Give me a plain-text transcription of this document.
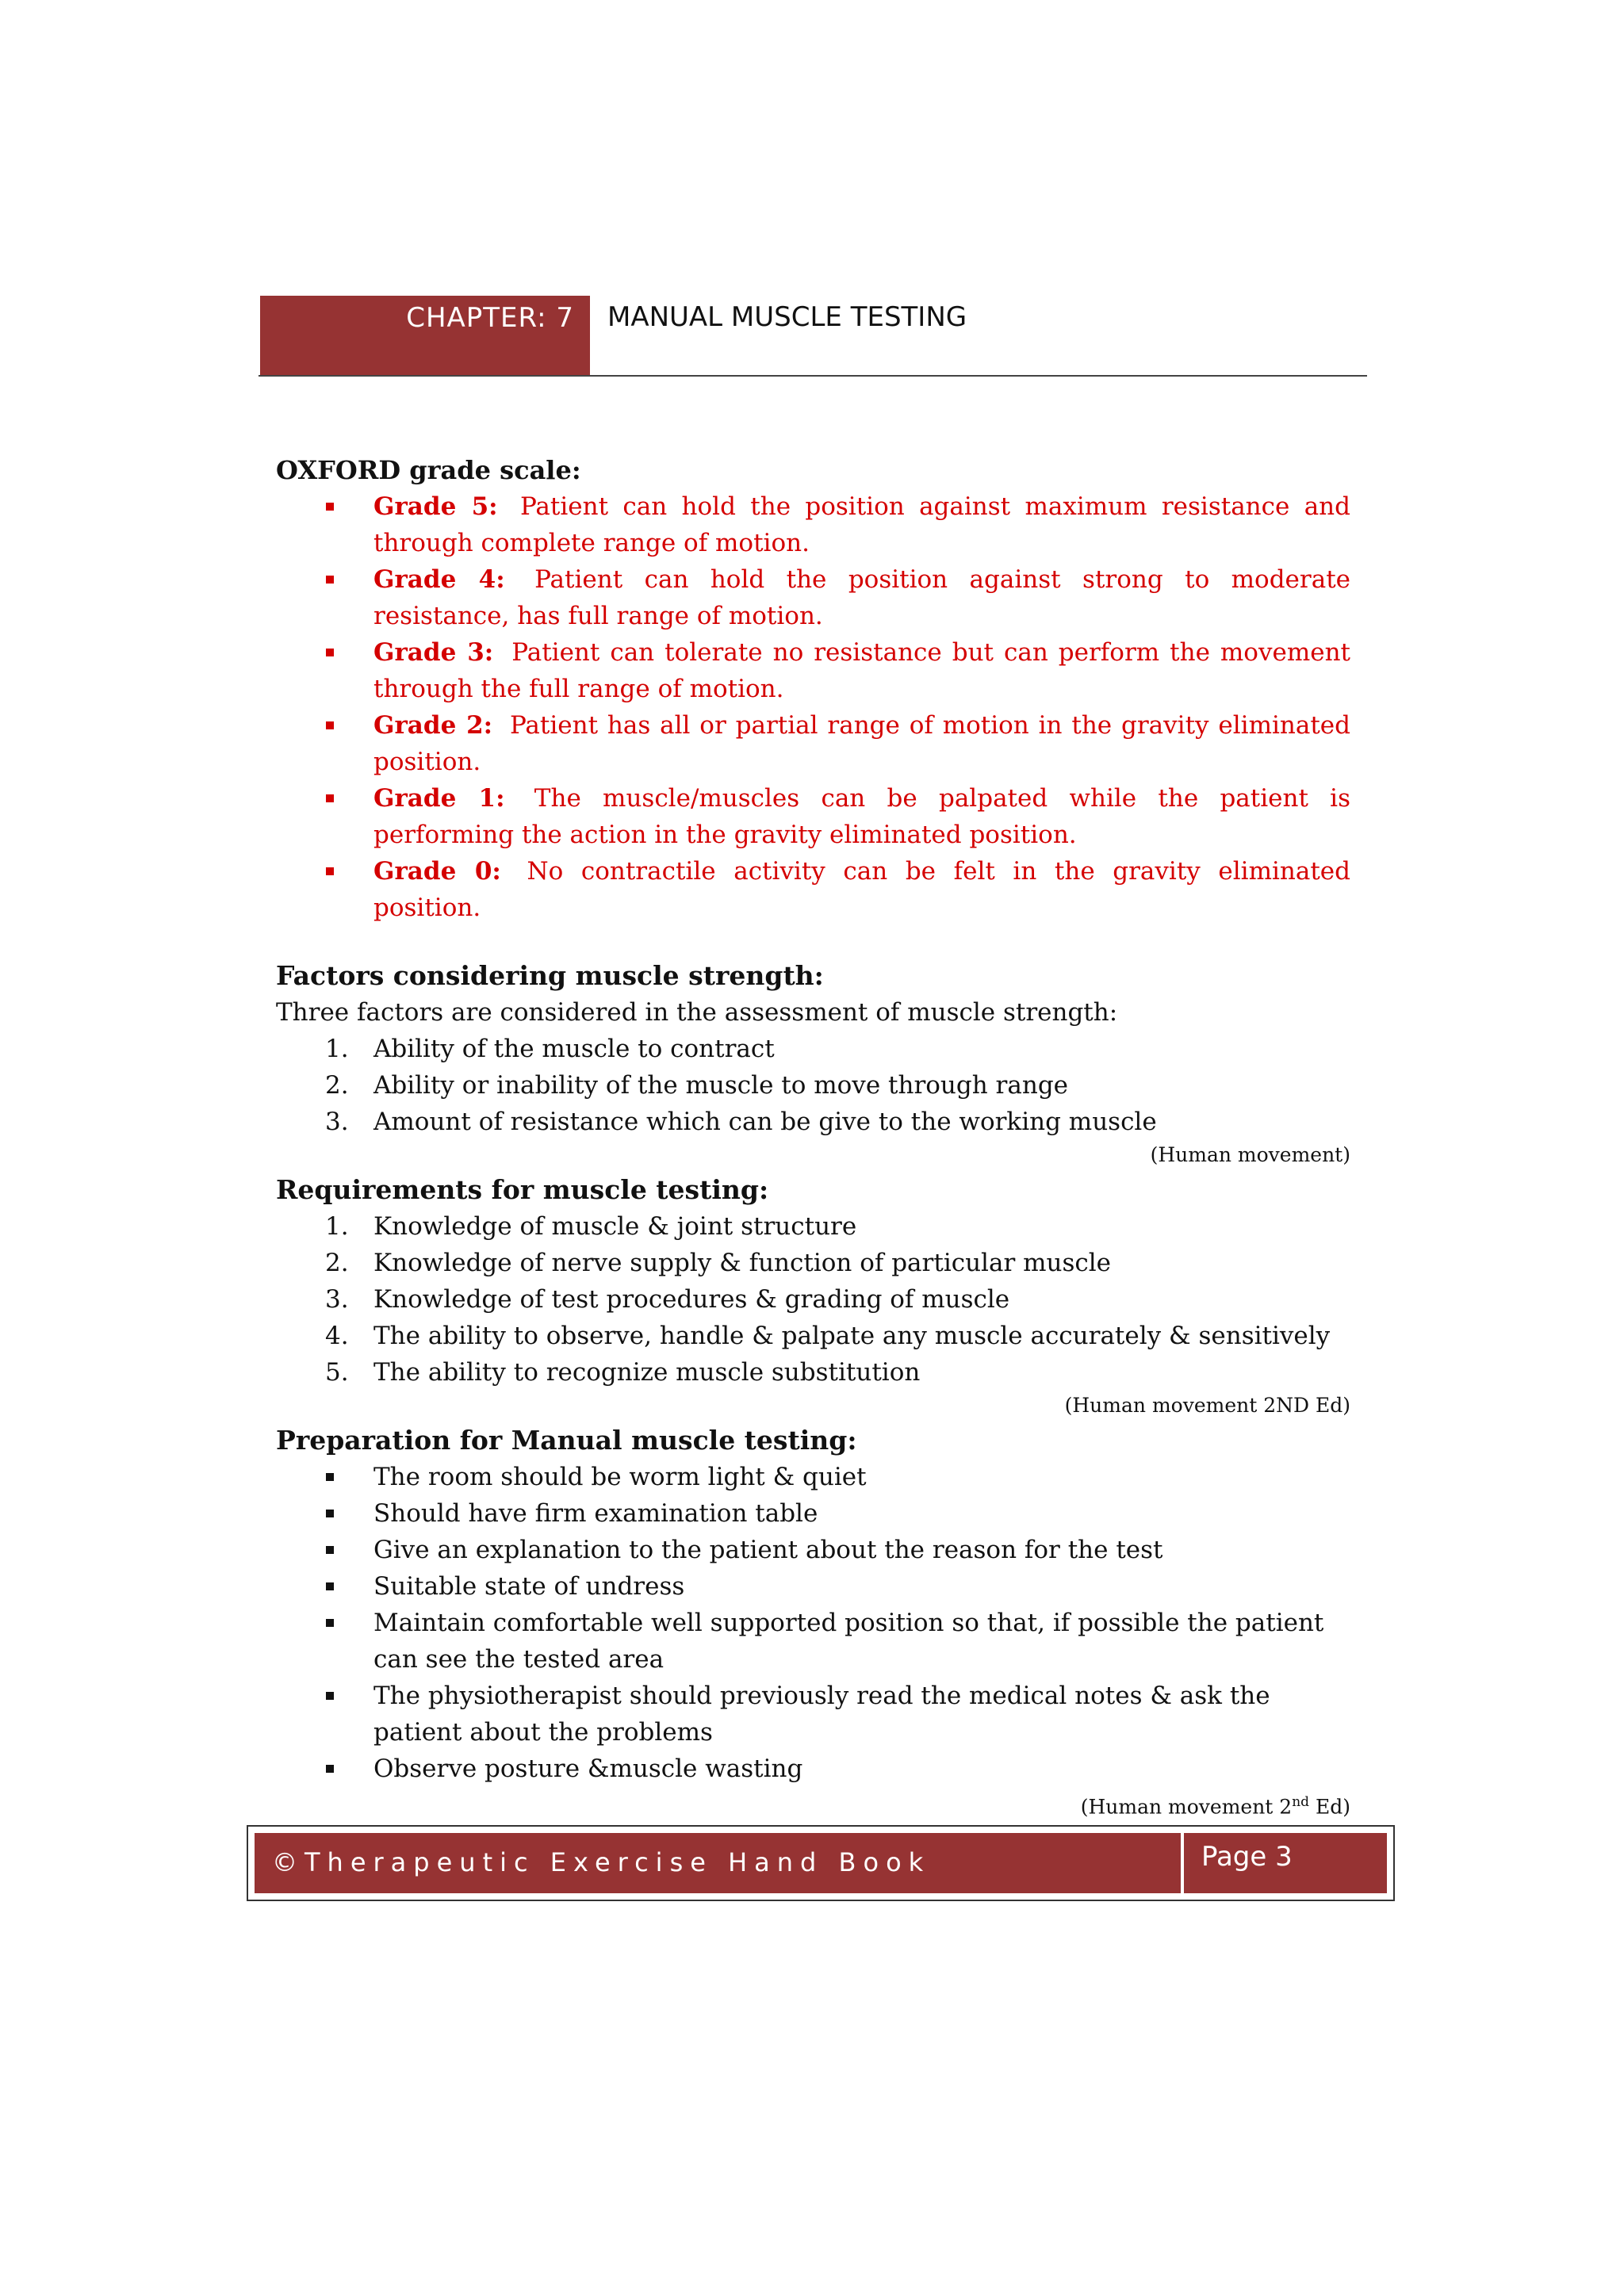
CHAPTER: 7 MANUAL MUSCLE TESTING

OXFORD grade scale:

Grade 5: Patient can hold the position against maximum resistance and through complete range of motion.
Grade 4: Patient can hold the position against strong to moderate resistance, has full range of motion.
Grade 3: Patient can tolerate no resistance but can perform the movement through the full range of motion.
Grade 2: Patient has all or partial range of motion in the gravity eliminated position.
Grade 1: The muscle/muscles can be palpated while the patient is performing the action in the gravity eliminated position.
Grade 0: No contractile activity can be felt in the gravity eliminated position.

Factors considering muscle strength:

Three factors are considered in the assessment of muscle strength:

1. Ability of the muscle to contract
2. Ability or inability of the muscle to move through range
3. Amount of resistance which can be give to the working muscle

(Human movement)

Requirements for muscle testing:

1. Knowledge of muscle & joint structure
2. Knowledge of nerve supply & function of particular muscle
3. Knowledge of test procedures & grading of muscle
4. The ability to observe, handle & palpate any muscle accurately & sensitively
5. The ability to recognize muscle substitution

(Human movement 2ND Ed)

Preparation for Manual muscle testing:

The room should be worm light & quiet
Should have firm examination table
Give an explanation to the patient about the reason for the test
Suitable state of undress
Maintain comfortable well supported position so that, if possible the patient can see the tested area
The physiotherapist should previously read the medical notes & ask the patient about the problems
Observe posture &muscle wasting

(Human movement 2nd Ed)

©Therapeutic Exercise Hand Book	Page 3
